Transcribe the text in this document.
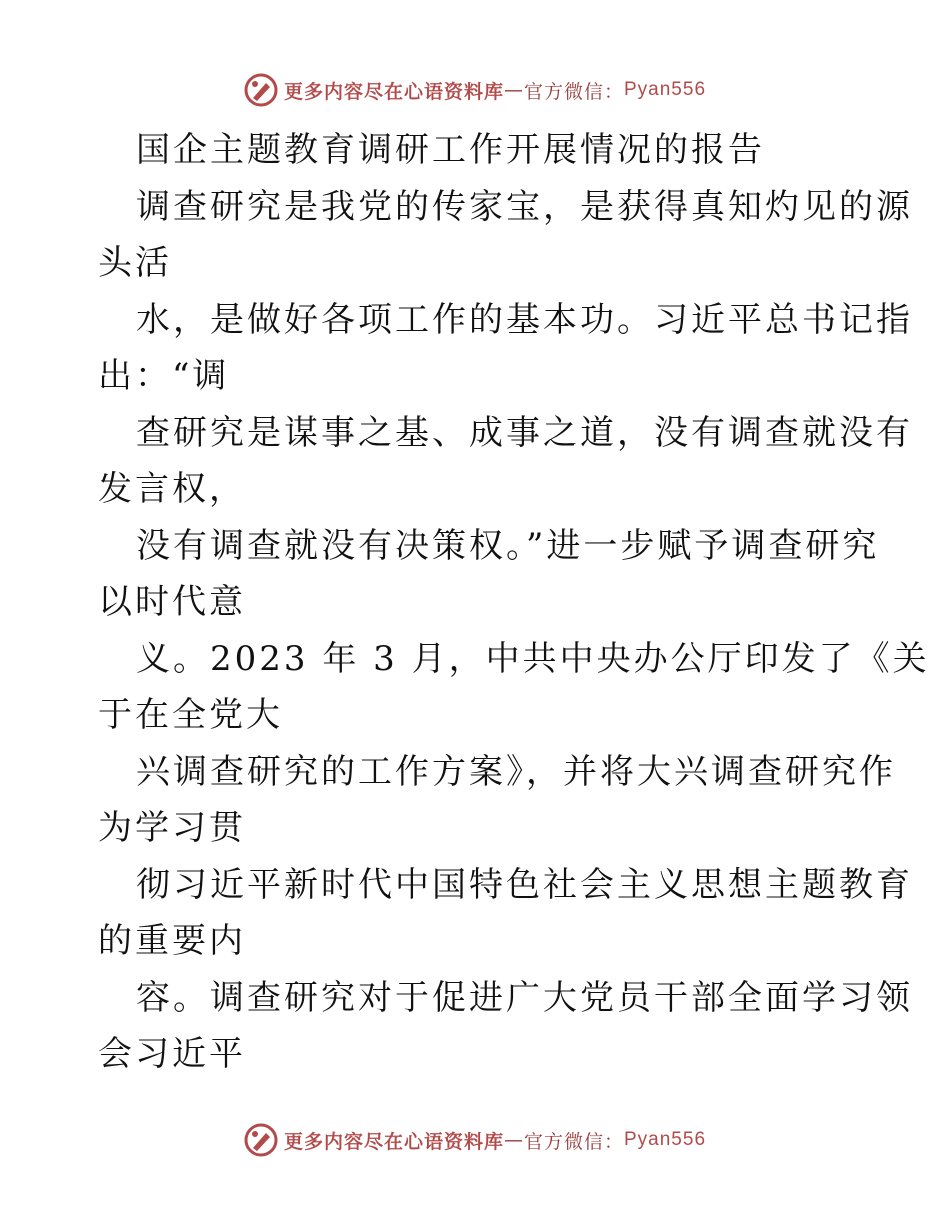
更多内容尽在心语资料库 — 官方微信： Pyan556
国企主题教育调研工作开展情况的报告
调查研究是我党的传家宝，是获得真知灼见的源
头活
水，是做好各项工作的基本功。习近平总书记指
出：“调
查研究是谋事之基、成事之道，没有调查就没有
发言权，
没有调查就没有决策权。”进一步赋予调查研究
以时代意
义。2023 年 3 月，中共中央办公厅印发了《关
于在全党大
兴调查研究的工作方案》，并将大兴调查研究作
为学习贯
彻习近平新时代中国特色社会主义思想主题教育
的重要内
容。调查研究对于促进广大党员干部全面学习领
会习近平
更多内容尽在心语资料库 — 官方微信： Pyan556
